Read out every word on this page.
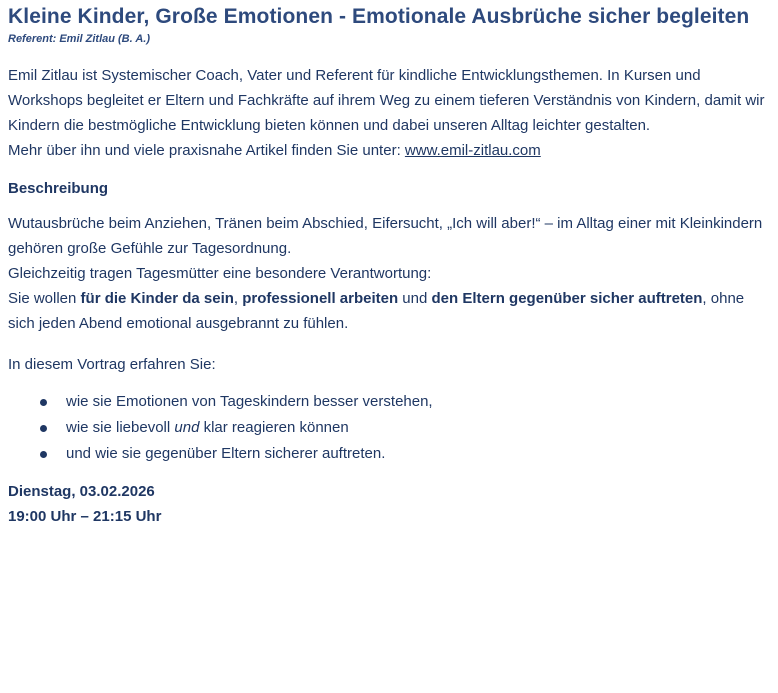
Kleine Kinder, Große Emotionen - Emotionale Ausbrüche sicher begleiten

Referent: Emil Zitlau (B. A.)

Emil Zitlau ist Systemischer Coach, Vater und Referent für kindliche Entwicklungsthemen. In Kursen und Workshops begleitet er Eltern und Fachkräfte auf ihrem Weg zu einem tieferen Verständnis von Kindern, damit wir Kindern die bestmögliche Entwicklung bieten können und dabei unseren Alltag leichter gestalten.
Mehr über ihn und viele praxisnahe Artikel finden Sie unter: www.emil-zitlau.com

Beschreibung

Wutausbrüche beim Anziehen, Tränen beim Abschied, Eifersucht, „Ich will aber!“ – im Alltag einer mit Kleinkindern gehören große Gefühle zur Tagesordnung.
Gleichzeitig tragen Tagesmütter eine besondere Verantwortung:
Sie wollen für die Kinder da sein, professionell arbeiten und den Eltern gegenüber sicher auftreten, ohne sich jeden Abend emotional ausgebrannt zu fühlen.

In diesem Vortrag erfahren Sie:

wie sie Emotionen von Tageskindern besser verstehen,
wie sie liebevoll und klar reagieren können
und wie sie gegenüber Eltern sicherer auftreten.
Dienstag, 03.02.2026
19:00 Uhr – 21:15 Uhr
